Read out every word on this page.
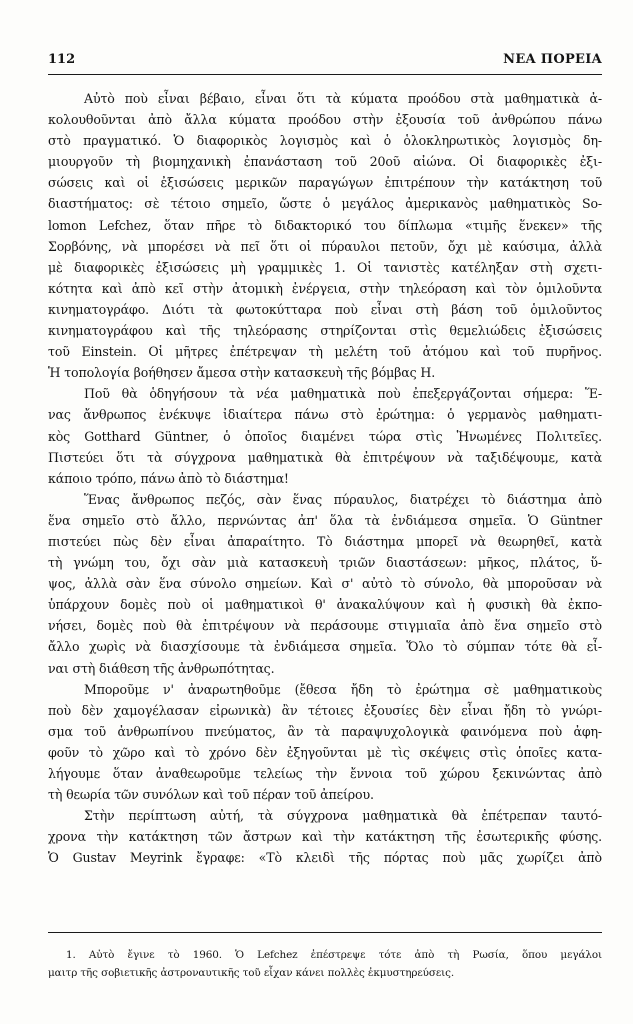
112	ΝΕΑ ΠΟΡΕΙΑ
Αὐτὸ ποὺ εἶναι βέβαιο, εἶναι ὅτι τὰ κύματα προόδου στὰ μαθηματικὰ ἀ-
κολουθοῦνται ἀπὸ ἄλλα κύματα προόδου στὴν ἐξουσία τοῦ ἀνθρώπου πάνω
στὸ πραγματικό. Ὁ διαφορικὸς λογισμὸς καὶ ὁ ὁλοκληρωτικὸς λογισμὸς δη-
μιουργοῦν τὴ βιομηχανικὴ ἐπανάσταση τοῦ 20οῦ αἰώνα. Οἱ διαφορικὲς ἐξι-
σώσεις καὶ οἱ ἐξισώσεις μερικῶν παραγώγων ἐπιτρέπουν τὴν κατάκτηση τοῦ
διαστήματος: σὲ τέτοιο σημεῖο, ὥστε ὁ μεγάλος ἀμερικανὸς μαθηματικὸς So-
lomon Lefchez, ὅταν πῆρε τὸ διδακτορικό του δίπλωμα «τιμῆς ἕνεκεν» τῆς
Σορβόνης, νὰ μπορέσει νὰ πεῖ ὅτι οἱ πύραυλοι πετοῦν, ὄχι μὲ καύσιμα, ἀλλὰ
μὲ διαφορικὲς ἐξισώσεις μὴ γραμμικὲς 1. Οἱ τανιστὲς κατέληξαν στὴ σχετι-
κότητα καὶ ἀπὸ κεῖ στὴν ἀτομικὴ ἐνέργεια, στὴν τηλεόραση καὶ τὸν ὁμιλοῦντα
κινηματογράφο. Διότι τὰ φωτοκύτταρα ποὺ εἶναι στὴ βάση τοῦ ὁμιλοῦντος
κινηματογράφου καὶ τῆς τηλεόρασης στηρίζονται στὶς θεμελιώδεις ἐξισώσεις
τοῦ Einstein. Οἱ μῆτρες ἐπέτρεψαν τὴ μελέτη τοῦ ἀτόμου καὶ τοῦ πυρῆνος.
Ἡ τοπολογία βοήθησεν ἄμεσα στὴν κατασκευὴ τῆς βόμβας Η.
Ποῦ θὰ ὁδηγήσουν τὰ νέα μαθηματικὰ ποὺ ἐπεξεργάζονται σήμερα: Ἕ-
νας ἄνθρωπος ἐνέκυψε ἰδιαίτερα πάνω στὸ ἐρώτημα: ὁ γερμανὸς μαθηματι-
κὸς Gotthard Güntner, ὁ ὁποῖος διαμένει τώρα στὶς Ἡνωμένες Πολιτεῖες.
Πιστεύει ὅτι τὰ σύγχρονα μαθηματικὰ θὰ ἐπιτρέψουν νὰ ταξιδέψουμε, κατὰ
κάποιο τρόπο, πάνω ἀπὸ τὸ διάστημα!
Ἕνας ἄνθρωπος πεζός, σὰν ἕνας πύραυλος, διατρέχει τὸ διάστημα ἀπὸ
ἕνα σημεῖο στὸ ἄλλο, περνώντας ἀπ' ὅλα τὰ ἐνδιάμεσα σημεῖα. Ὁ Güntner
πιστεύει πὼς δὲν εἶναι ἀπαραίτητο. Τὸ διάστημα μπορεῖ νὰ θεωρηθεῖ, κατὰ
τὴ γνώμη του, ὄχι σὰν μιὰ κατασκευὴ τριῶν διαστάσεων: μῆκος, πλάτος, ὕ-
ψος, ἀλλὰ σὰν ἕνα σύνολο σημείων. Καὶ σ' αὐτὸ τὸ σύνολο, θὰ μποροῦσαν νὰ
ὑπάρχουν δομὲς ποὺ οἱ μαθηματικοὶ θ' ἀνακαλύψουν καὶ ἡ φυσικὴ θὰ ἐκπο-
νήσει, δομὲς ποὺ θὰ ἐπιτρέψουν νὰ περάσουμε στιγμιαῖα ἀπὸ ἕνα σημεῖο στὸ
ἄλλο χωρὶς νὰ διασχίσουμε τὰ ἐνδιάμεσα σημεῖα. Ὅλο τὸ σύμπαν τότε θὰ εἶ-
ναι στὴ διάθεση τῆς ἀνθρωπότητας.
Μποροῦμε ν' ἀναρωτηθοῦμε (ἔθεσα ἤδη τὸ ἐρώτημα σὲ μαθηματικοὺς
ποὺ δὲν χαμογέλασαν εἰρωνικὰ) ἂν τέτοιες ἐξουσίες δὲν εἶναι ἤδη τὸ γνώρι-
σμα τοῦ ἀνθρωπίνου πνεύματος, ἂν τὰ παραψυχολογικὰ φαινόμενα ποὺ ἀφη-
φοῦν τὸ χῶρο καὶ τὸ χρόνο δὲν ἐξηγοῦνται μὲ τὶς σκέψεις στὶς ὁποῖες κατα-
λήγουμε ὅταν ἀναθεωροῦμε τελείως τὴν ἔννοια τοῦ χώρου ξεκινώντας ἀπὸ
τὴ θεωρία τῶν συνόλων καὶ τοῦ πέραν τοῦ ἀπείρου.
Στὴν περίπτωση αὐτή, τὰ σύγχρονα μαθηματικὰ θὰ ἐπέτρεπαν ταυτό-
χρονα τὴν κατάκτηση τῶν ἄστρων καὶ τὴν κατάκτηση τῆς ἐσωτερικῆς φύσης.
Ὁ Gustav Meyrink ἔγραφε: «Τὸ κλειδὶ τῆς πόρτας ποὺ μᾶς χωρίζει ἀπὸ
1. Αὐτὸ ἔγινε τὸ 1960. Ὁ Lefchez ἐπέστρεψε τότε ἀπὸ τὴ Ρωσία, ὅπου μεγάλοι
μαιτρ τῆς σοβιετικῆς ἀστροναυτικῆς τοῦ εἶχαν κάνει πολλὲς ἐκμυστηρεύσεις.
